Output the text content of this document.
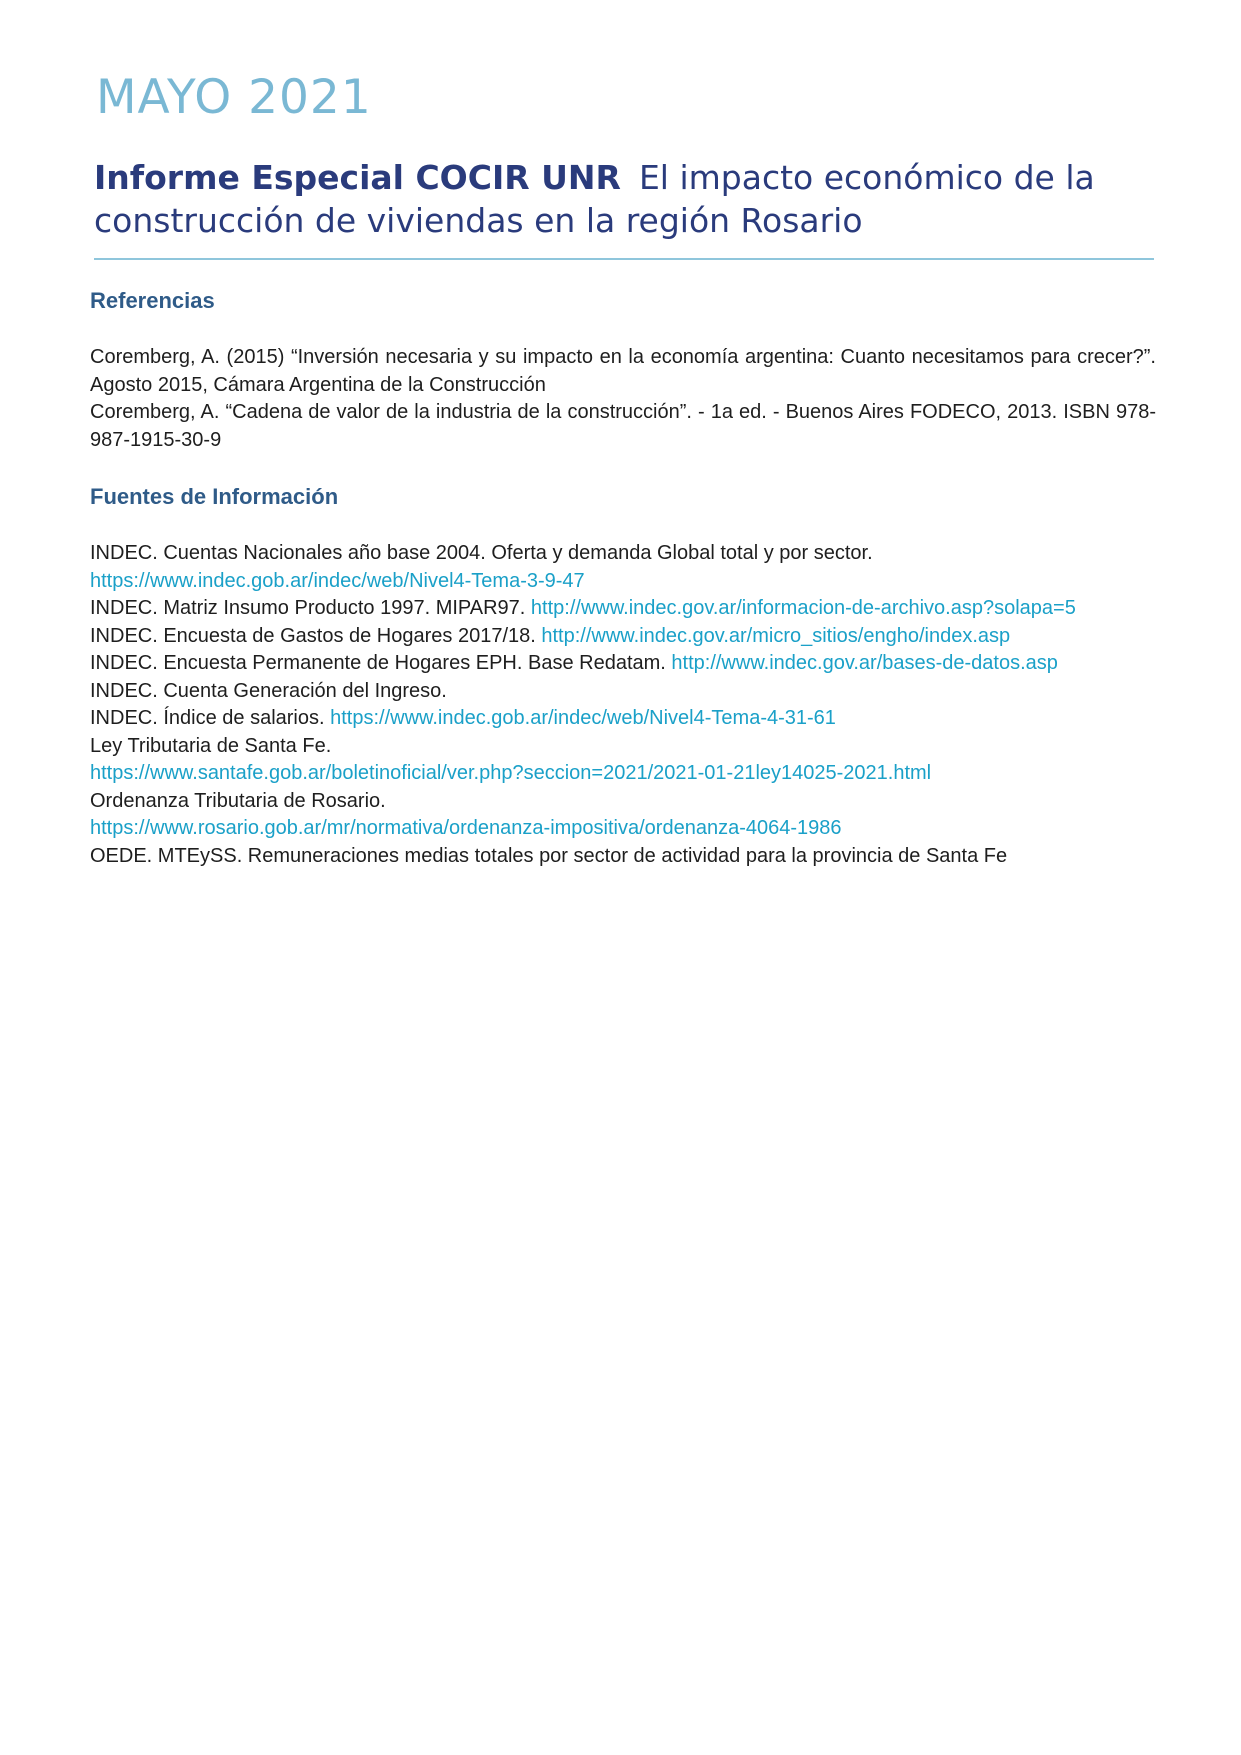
MAYO 2021
Informe Especial COCIR UNR El impacto económico de la construcción de viviendas en la región Rosario
Referencias

Coremberg, A. (2015) “Inversión necesaria y su impacto en la economía argentina: Cuanto necesitamos para crecer?”. Agosto 2015, Cámara Argentina de la Construcción

Coremberg, A. “Cadena de valor de la industria de la construcción”. - 1a ed. - Buenos Aires FODECO, 2013. ISBN 978-987-1915-30-9

Fuentes de Información
INDEC. Cuentas Nacionales año base 2004. Oferta y demanda Global total y por sector.
https://www.indec.gob.ar/indec/web/Nivel4-Tema-3-9-47
INDEC. Matriz Insumo Producto 1997. MIPAR97. http://www.indec.gov.ar/informacion-de-archivo.asp?solapa=5
INDEC. Encuesta de Gastos de Hogares 2017/18. http://www.indec.gov.ar/micro_sitios/engho/index.asp
INDEC. Encuesta Permanente de Hogares EPH. Base Redatam. http://www.indec.gov.ar/bases-de-datos.asp
INDEC. Cuenta Generación del Ingreso.
INDEC. Índice de salarios. https://www.indec.gob.ar/indec/web/Nivel4-Tema-4-31-61
Ley Tributaria de Santa Fe.
https://www.santafe.gob.ar/boletinoficial/ver.php?seccion=2021/2021-01-21ley14025-2021.html
Ordenanza Tributaria de Rosario.
https://www.rosario.gob.ar/mr/normativa/ordenanza-impositiva/ordenanza-4064-1986
OEDE. MTEySS. Remuneraciones medias totales por sector de actividad para la provincia de Santa Fe
